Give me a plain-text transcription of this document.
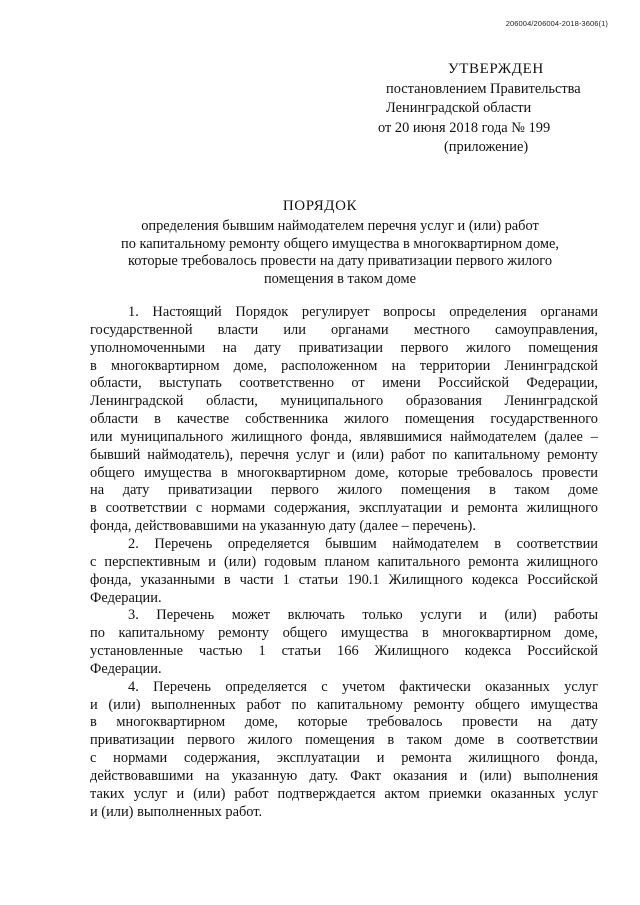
206004/206004-2018-3606(1)
УТВЕРЖДЕН
постановлением Правительства
Ленинградской области
от 20 июня 2018 года № 199
(приложение)
ПОРЯДОК
определения бывшим наймодателем перечня услуг и (или) работ
по капитальному ремонту общего имущества в многоквартирном доме,
которые требовалось провести на дату приватизации первого жилого
помещения в таком доме
1. Настоящий Порядок регулирует вопросы определения органами
государственной власти или органами местного самоуправления,
уполномоченными на дату приватизации первого жилого помещения
в многоквартирном доме, расположенном на территории Ленинградской
области, выступать соответственно от имени Российской Федерации,
Ленинградской области, муниципального образования Ленинградской
области в качестве собственника жилого помещения государственного
или муниципального жилищного фонда, являвшимися наймодателем (далее –
бывший наймодатель), перечня услуг и (или) работ по капитальному ремонту
общего имущества в многоквартирном доме, которые требовалось провести
на дату приватизации первого жилого помещения в таком доме
в соответствии с нормами содержания, эксплуатации и ремонта жилищного
фонда, действовавшими на указанную дату (далее – перечень).
2. Перечень определяется бывшим наймодателем в соответствии
с перспективным и (или) годовым планом капитального ремонта жилищного
фонда, указанными в части 1 статьи 190.1 Жилищного кодекса Российской
Федерации.
3. Перечень может включать только услуги и (или) работы
по капитальному ремонту общего имущества в многоквартирном доме,
установленные частью 1 статьи 166 Жилищного кодекса Российской
Федерации.
4. Перечень определяется с учетом фактически оказанных услуг
и (или) выполненных работ по капитальному ремонту общего имущества
в многоквартирном доме, которые требовалось провести на дату
приватизации первого жилого помещения в таком доме в соответствии
с нормами содержания, эксплуатации и ремонта жилищного фонда,
действовавшими на указанную дату. Факт оказания и (или) выполнения
таких услуг и (или) работ подтверждается актом приемки оказанных услуг
и (или) выполненных работ.
